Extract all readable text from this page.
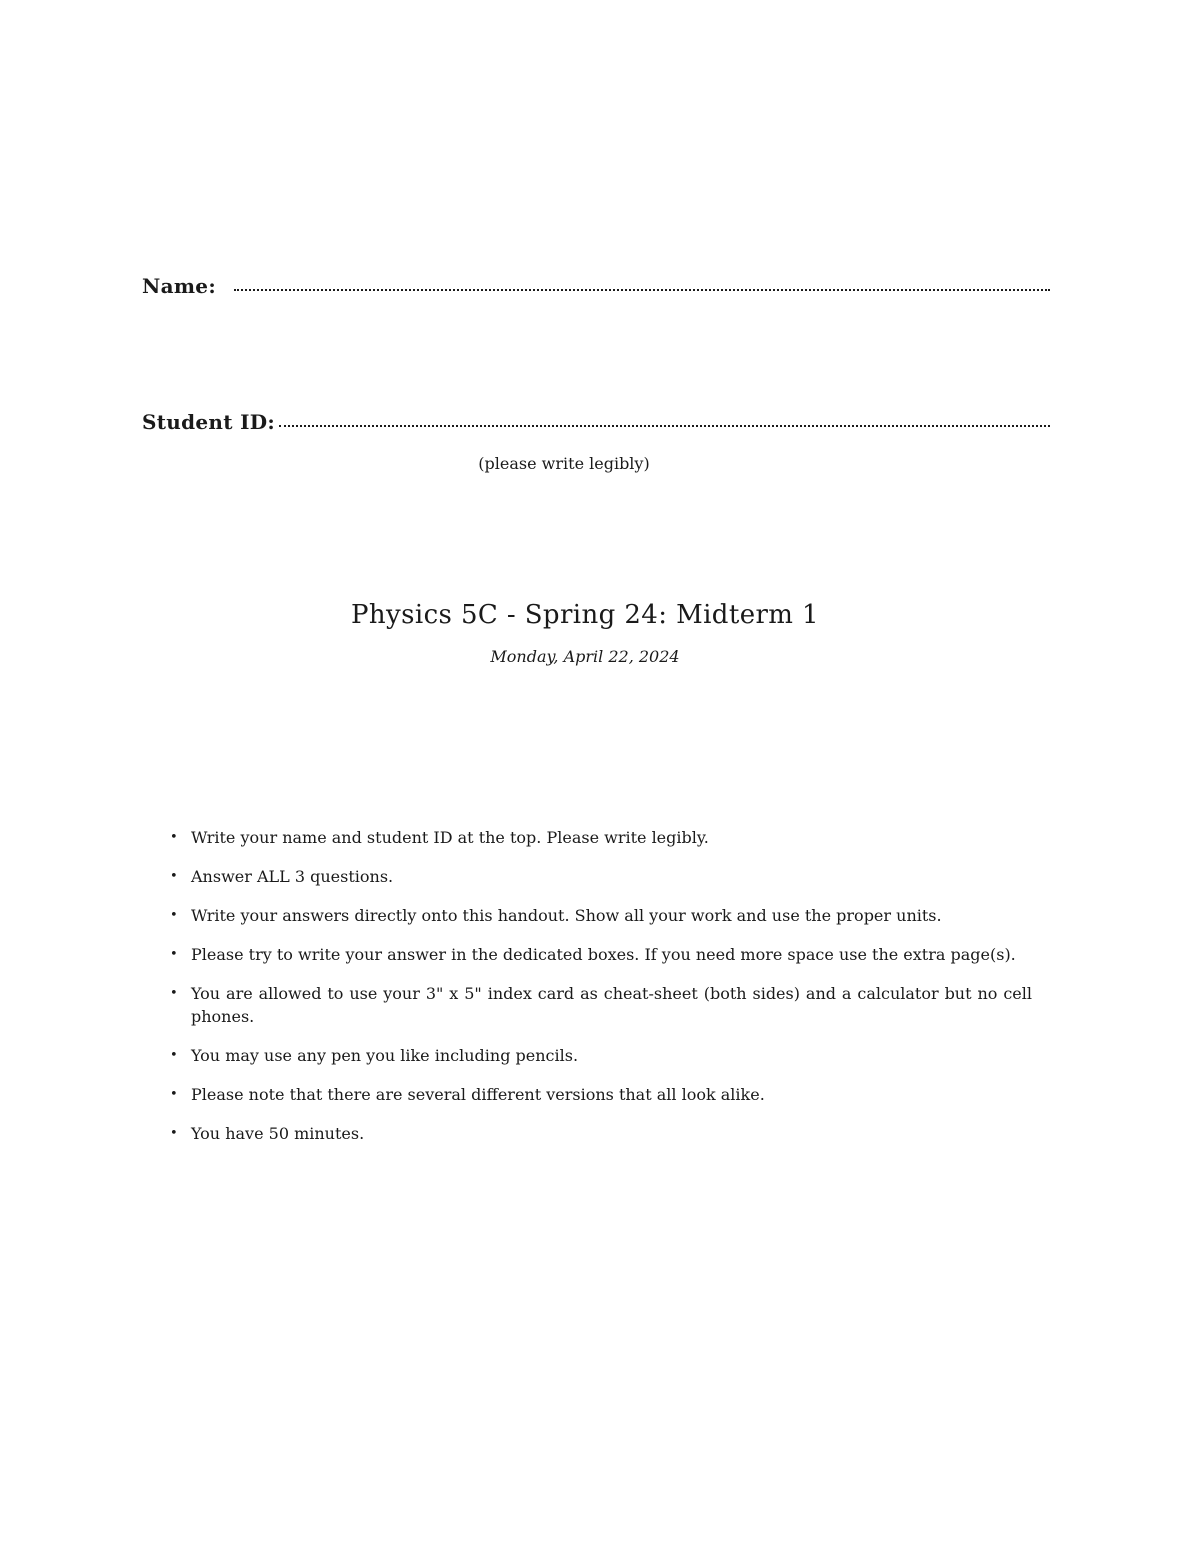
Name:
Student ID:
(please write legibly)
Physics 5C - Spring 24: Midterm 1
Monday, April 22, 2024
• Write your name and student ID at the top. Please write legibly.
• Answer ALL 3 questions.
• Write your answers directly onto this handout. Show all your work and use the proper units.
• Please try to write your answer in the dedicated boxes. If you need more space use the extra page(s).
• You are allowed to use your 3" x 5" index card as cheat-sheet (both sides) and a calculator but no cell phones.
• You may use any pen you like including pencils.
• Please note that there are several different versions that all look alike.
• You have 50 minutes.
